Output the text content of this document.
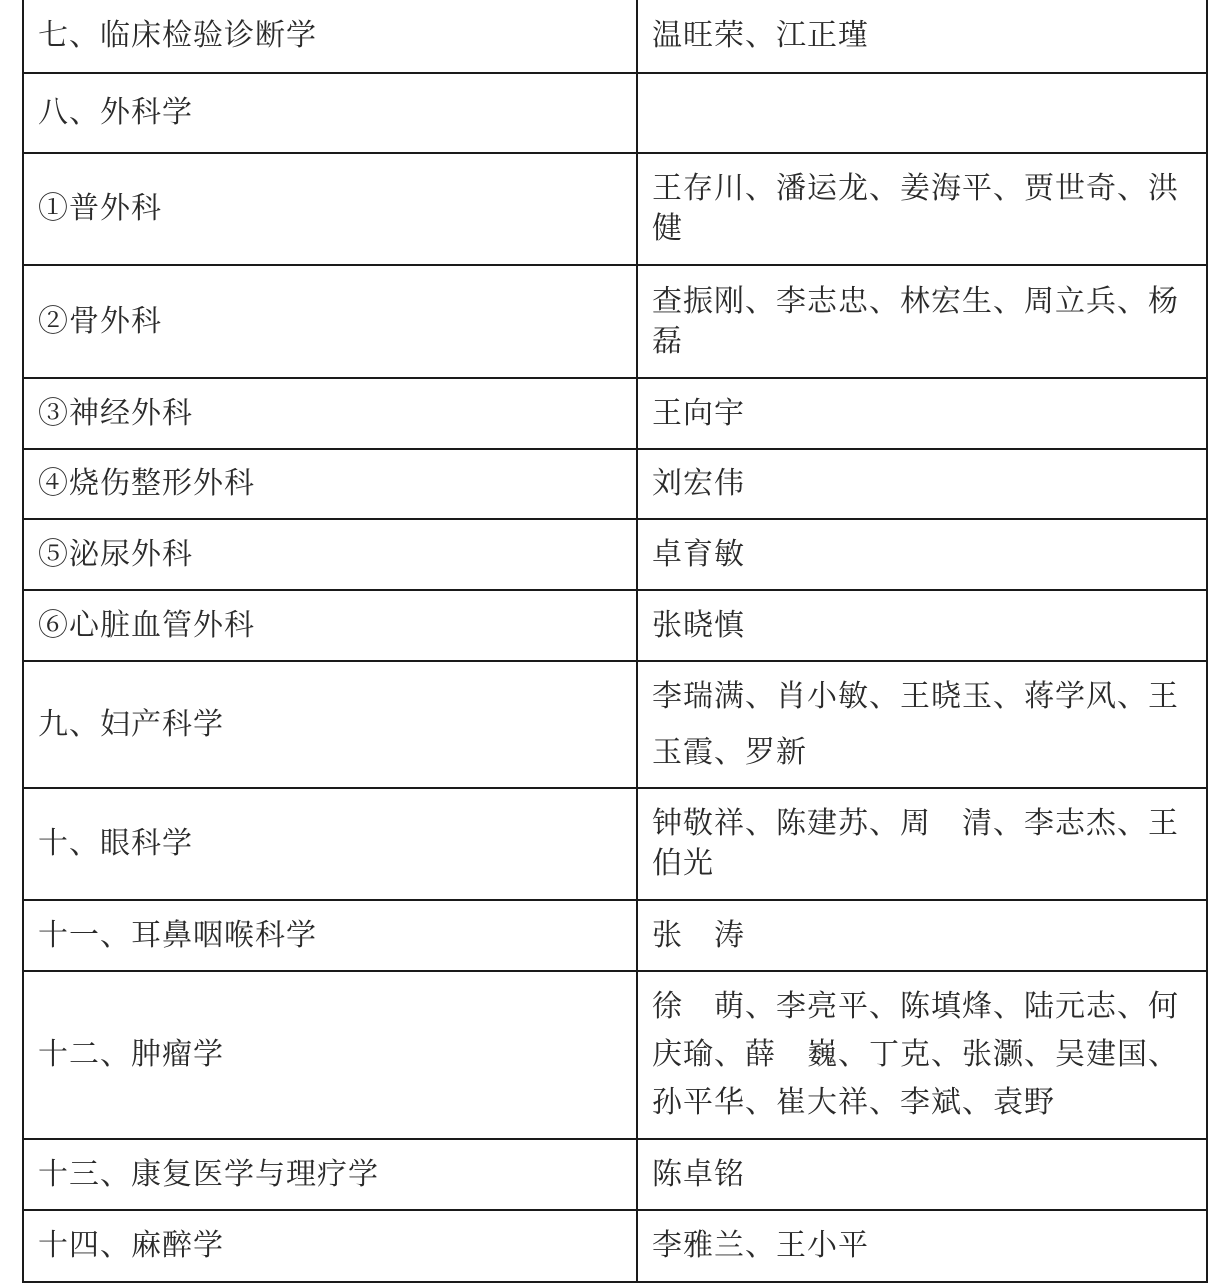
七、临床检验诊断学	温旺荣、江正瑾

八、外科学	

①普外科	王存川、潘运龙、姜海平、贾世奇、洪健

②骨外科	查振刚、李志忠、林宏生、周立兵、杨磊

③神经外科	王向宇

④烧伤整形外科	刘宏伟

⑤泌尿外科	卓育敏

⑥心脏血管外科	张晓慎

九、妇产科学	李瑞满、肖小敏、王晓玉、蒋学风、王玉霞、罗新

十、眼科学	钟敬祥、陈建苏、周　清、李志杰、王伯光

十一、耳鼻咽喉科学	张　涛

十二、肿瘤学	徐　萌、李亮平、陈填烽、陆元志、何庆瑜、薛　巍、丁克、张灏、吴建国、孙平华、崔大祥、李斌、袁野

十三、康复医学与理疗学	陈卓铭

十四、麻醉学	李雅兰、王小平
